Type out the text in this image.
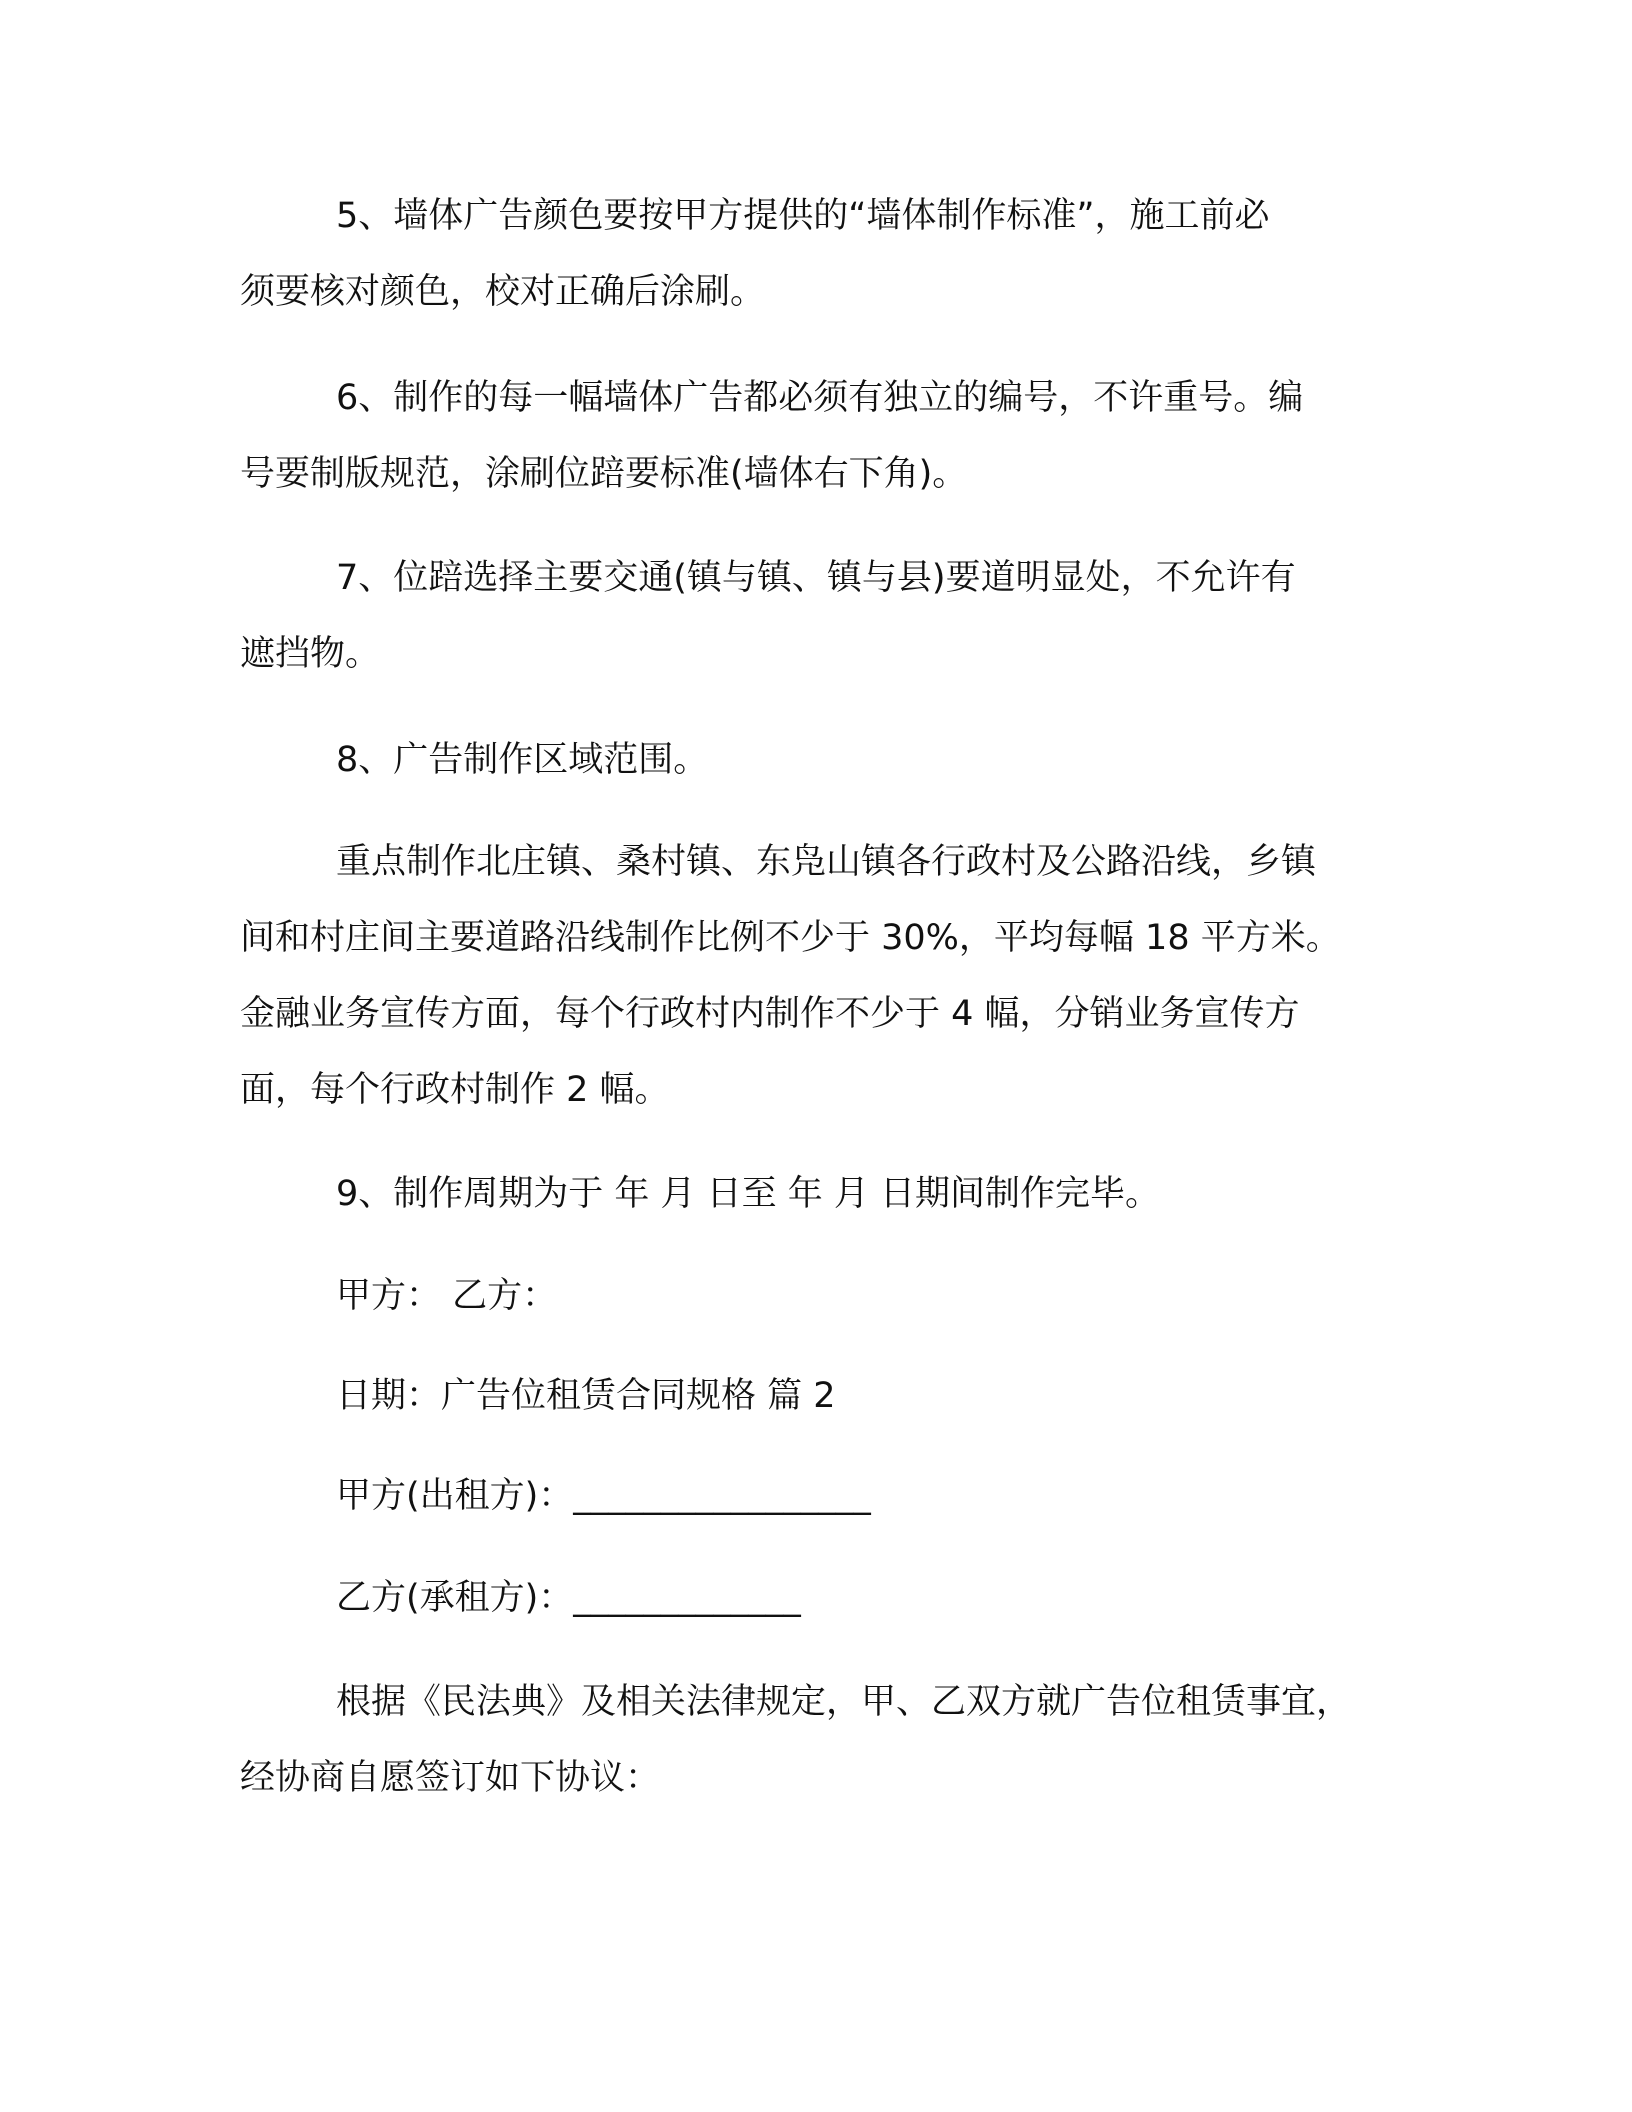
5、墙体广告颜色要按甲方提供的“墙体制作标准”，施工前必
须要核对颜色，校对正确后涂刷。

6、制作的每一幅墙体广告都必须有独立的编号，不许重号。编
号要制版规范，涂刷位踣要标准(墙体右下角)。

7、位踣选择主要交通(镇与镇、镇与县)要道明显处，不允许有
遮挡物。

8、广告制作区域范围。

重点制作北庄镇、桑村镇、东凫山镇各行政村及公路沿线，乡镇
间和村庄间主要道路沿线制作比例不少于 30%，平均每幅 18 平方米。
金融业务宣传方面，每个行政村内制作不少于 4 幅，分销业务宣传方
面，每个行政村制作 2 幅。

9、制作周期为于 年 月 日至 年 月 日期间制作完毕。

甲方： 乙方：

日期：广告位租赁合同规格 篇 2

甲方(出租方)：_________________

乙方(承租方)：_____________

根据《民法典》及相关法律规定，甲、乙双方就广告位租赁事宜，
经协商自愿签订如下协议：
